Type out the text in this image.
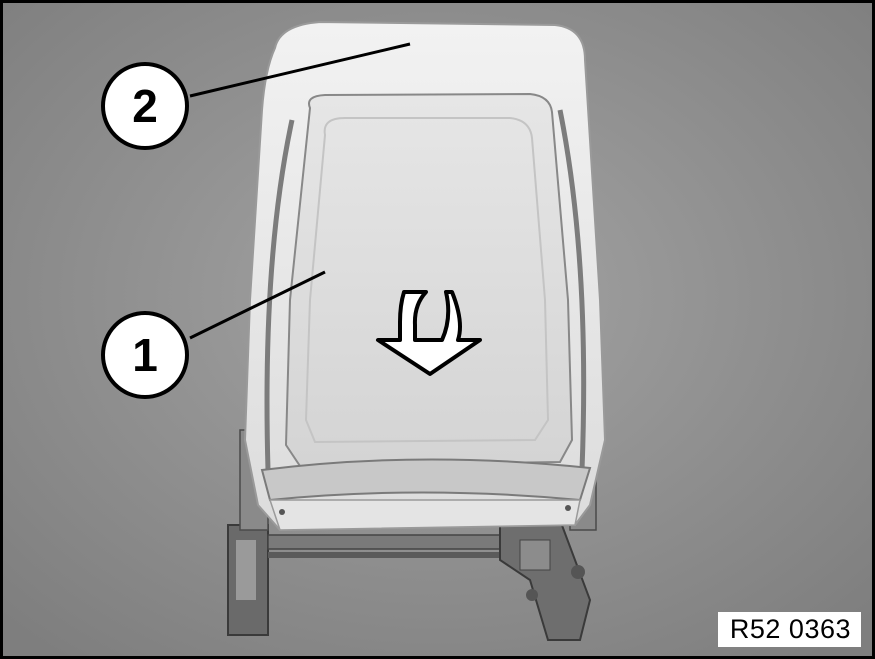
2
1
R52 0363
